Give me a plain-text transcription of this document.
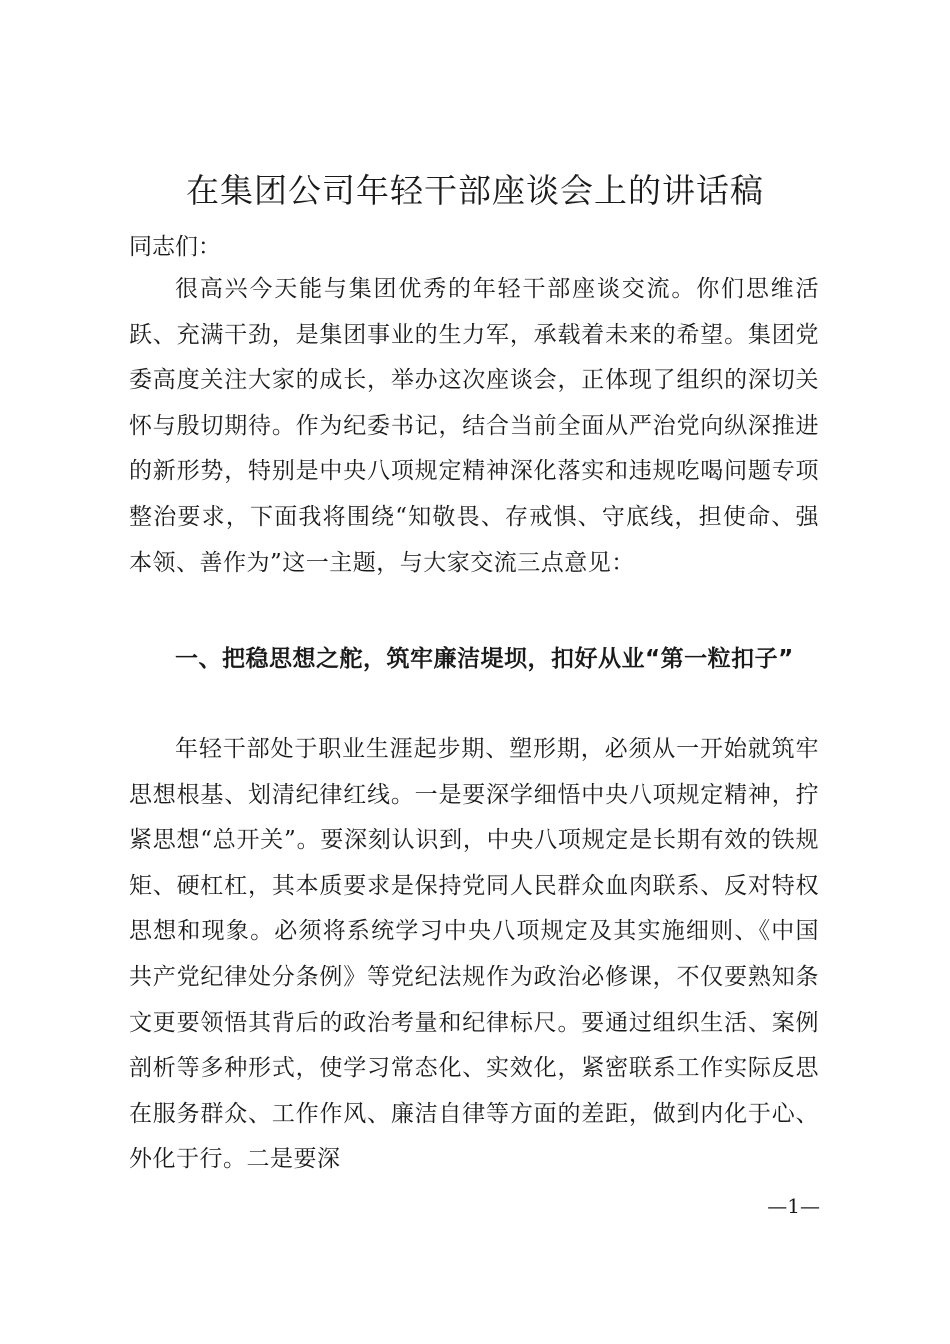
在集团公司年轻干部座谈会上的讲话稿

同志们：

很高兴今天能与集团优秀的年轻干部座谈交流。你们思维活跃、充满干劲，是集团事业的生力军，承载着未来的希望。集团党委高度关注大家的成长，举办这次座谈会，正体现了组织的深切关怀与殷切期待。作为纪委书记，结合当前全面从严治党向纵深推进的新形势，特别是中央八项规定精神深化落实和违规吃喝问题专项整治要求，下面我将围绕“知敬畏、存戒惧、守底线，担使命、强本领、善作为”这一主题，与大家交流三点意见：

一、把稳思想之舵，筑牢廉洁堤坝，扣好从业“第一粒扣子”

年轻干部处于职业生涯起步期、塑形期，必须从一开始就筑牢思想根基、划清纪律红线。一是要深学细悟中央八项规定精神，拧紧思想“总开关”。要深刻认识到，中央八项规定是长期有效的铁规矩、硬杠杠，其本质要求是保持党同人民群众血肉联系、反对特权思想和现象。必须将系统学习中央八项规定及其实施细则、《中国共产党纪律处分条例》等党纪法规作为政治必修课，不仅要熟知条文更要领悟其背后的政治考量和纪律标尺。要通过组织生活、案例剖析等多种形式，使学习常态化、实效化，紧密联系工作实际反思在服务群众、工作作风、廉洁自律等方面的差距，做到内化于心、外化于行。二是要深

—1—
